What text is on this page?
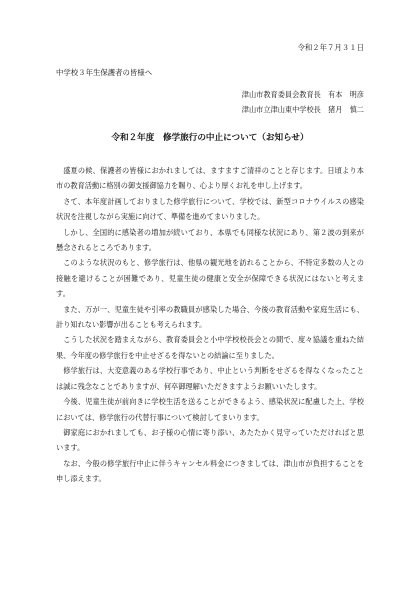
令和２年７月３１日
中学校３年生保護者の皆様へ
津山市教育委員会教育長　有本　明彦
津山市立津山東中学校長　猪月　慎二
令和２年度　修学旅行の中止について（お知らせ）

盛夏の候、保護者の皆様におかれましては、ますますご清祥のことと存じます。日頃より本市の教育活動に格別の御支援御協力を賜り、心より厚くお礼を申し上げます。

さて、本年度計画しておりました修学旅行について、学校では、新型コロナウイルスの感染状況を注視しながら実施に向けて、準備を進めてまいりました。

しかし、全国的に感染者の増加が続いており、本県でも同様な状況にあり、第２波の到来が懸念されるところであります。

このような状況のもと、修学旅行は、他県の観光地を訪れることから、不特定多数の人との接触を避けることが困難であり、児童生徒の健康と安全が保障できる状況にはないと考えます。

また、万が一、児童生徒や引率の教職員が感染した場合、今後の教育活動や家庭生活にも、計り知れない影響が出ることも考えられます。

こうした状況を踏まえながら、教育委員会と小中学校校長会との間で、度々協議を重ねた結果、今年度の修学旅行を中止せざるを得ないとの結論に至りました。

修学旅行は、大変意義のある学校行事であり、中止という判断をせざるを得なくなったことは誠に残念なことでありますが、何卒御理解いただきますようお願いいたします。

今後、児童生徒が前向きに学校生活を送ることができるよう、感染状況に配慮した上、学校においては、修学旅行の代替行事について検討してまいります。

御家庭におかれましても、お子様の心情に寄り添い、あたたかく見守っていただければと思います。

なお、今般の修学旅行中止に伴うキャンセル料金につきましては、津山市が負担することを申し添えます。
